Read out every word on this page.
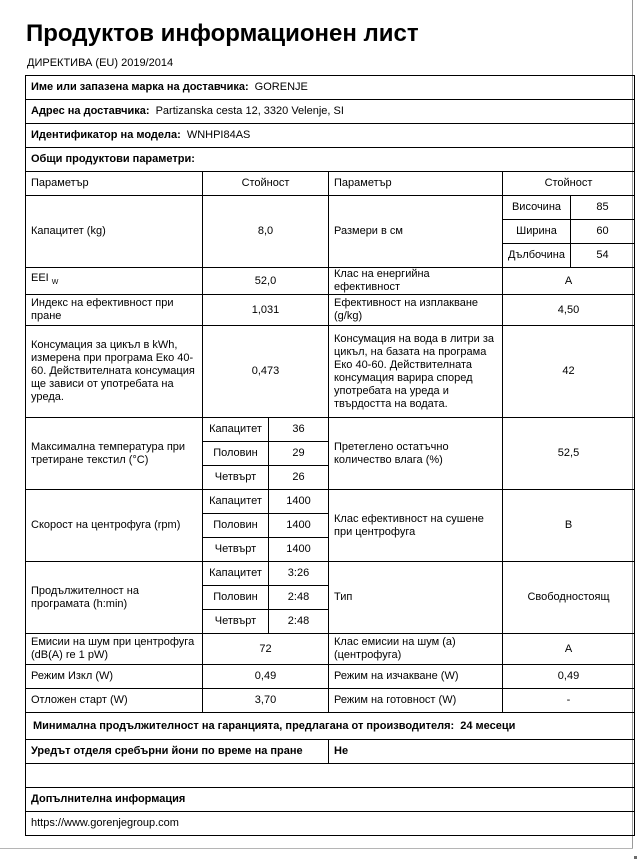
Продуктов информационен лист
ДИРЕКТИВА (EU) 2019/2014
Име или запазена марка на доставчика: GORENJE					
Адрес на доставчика: Partizanska cesta 12, 3320 Velenje, SI					
Идентификатор на модела: WNHPI84AS					
Общи продуктови параметри:					
Параметър	Стойност		Параметър	Стойност	
Капацитет (kg)	8,0		Размери в см	Височина	85
				Ширина	60
				Дълбочина	54
EEI $_W$	52,0		Клас на енергийна ефективност	A	
Индекс на ефективност при пране	1,031		Ефективност на изплакване (g/kg)	4,50	
Консумация за цикъл в kWh, измерена при програма Еко 40-60. Действителната консумация ще зависи от употребата на уреда.	0,473		Консумация на вода в литри за цикъл, на базата на програма Еко 40-60. Действителната консумация варира според употребата на уреда и твърдостта на водата.	42	
Максимална температура при третиране текстил (°C)	Капацитет	36	Претеглено остатъчно количество влага (%)	52,5	
	Половин	29			
	Четвърт	26			
Скорост на центрофуга (rpm)	Капацитет	1400	Клас ефективност на сушене при центрофуга	B	
	Половин	1400			
	Четвърт	1400			
Продължителност на програмата (h:min)	Капацитет	3:26	Тип	Свободностоящ	
	Половин	2:48			
	Четвърт	2:48			
Емисии на шум при центрофуга (dB(A) re 1 pW)	72		Клас емисии на шум (a) (центрофуга)	A	
Режим Изкл (W)	0,49		Режим на изчакване (W)	0,49	
Отложен старт (W)	3,70		Режим на готовност (W)	-	
Минимална продължителност на гаранцията, предлагана от производителя: 24 месеци					
Уредът отделя сребърни йони по време на пране			Не		

Допълнителна информация					
https://www.gorenjegroup.com					
